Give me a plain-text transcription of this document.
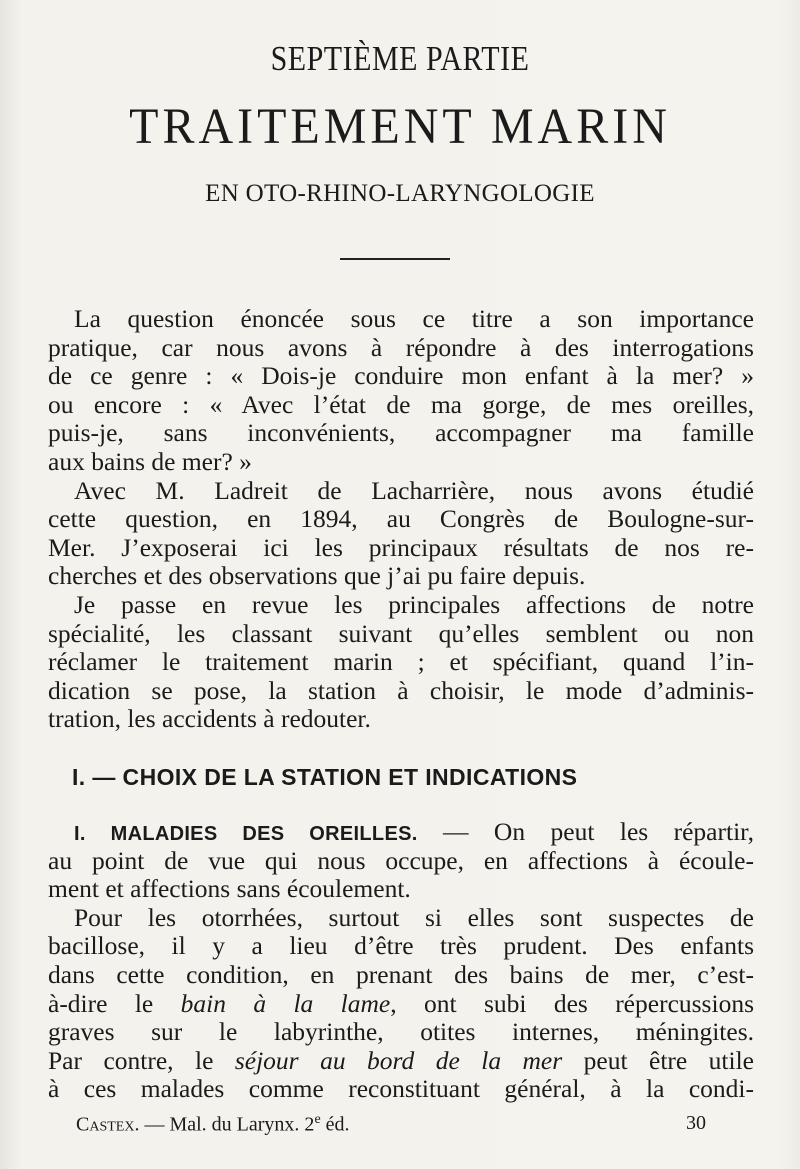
SEPTIÈME PARTIE
TRAITEMENT MARIN
EN OTO-RHINO-LARYNGOLOGIE
La question énoncée sous ce titre a son importance
pratique, car nous avons à répondre à des interrogations
de ce genre : « Dois-je conduire mon enfant à la mer? »
ou encore : « Avec l’état de ma gorge, de mes oreilles,
puis-je, sans inconvénients, accompagner ma famille
aux bains de mer? »
Avec M. Ladreit de Lacharrière, nous avons étudié
cette question, en 1894, au Congrès de Boulogne-sur-
Mer. J’exposerai ici les principaux résultats de nos re-
cherches et des observations que j’ai pu faire depuis.
Je passe en revue les principales affections de notre
spécialité, les classant suivant qu’elles semblent ou non
réclamer le traitement marin ; et spécifiant, quand l’in-
dication se pose, la station à choisir, le mode d’adminis-
tration, les accidents à redouter.
I. — CHOIX DE LA STATION ET INDICATIONS
I. MALADIES DES OREILLES. — On peut les répartir,
au point de vue qui nous occupe, en affections à écoule-
ment et affections sans écoulement.
Pour les otorrhées, surtout si elles sont suspectes de
bacillose, il y a lieu d’être très prudent. Des enfants
dans cette condition, en prenant des bains de mer, c’est-
à-dire le bain à la lame, ont subi des répercussions
graves sur le labyrinthe, otites internes, méningites.
Par contre, le séjour au bord de la mer peut être utile
à ces malades comme reconstituant général, à la condi-
Castex. — Mal. du Larynx. 2e éd.	30
